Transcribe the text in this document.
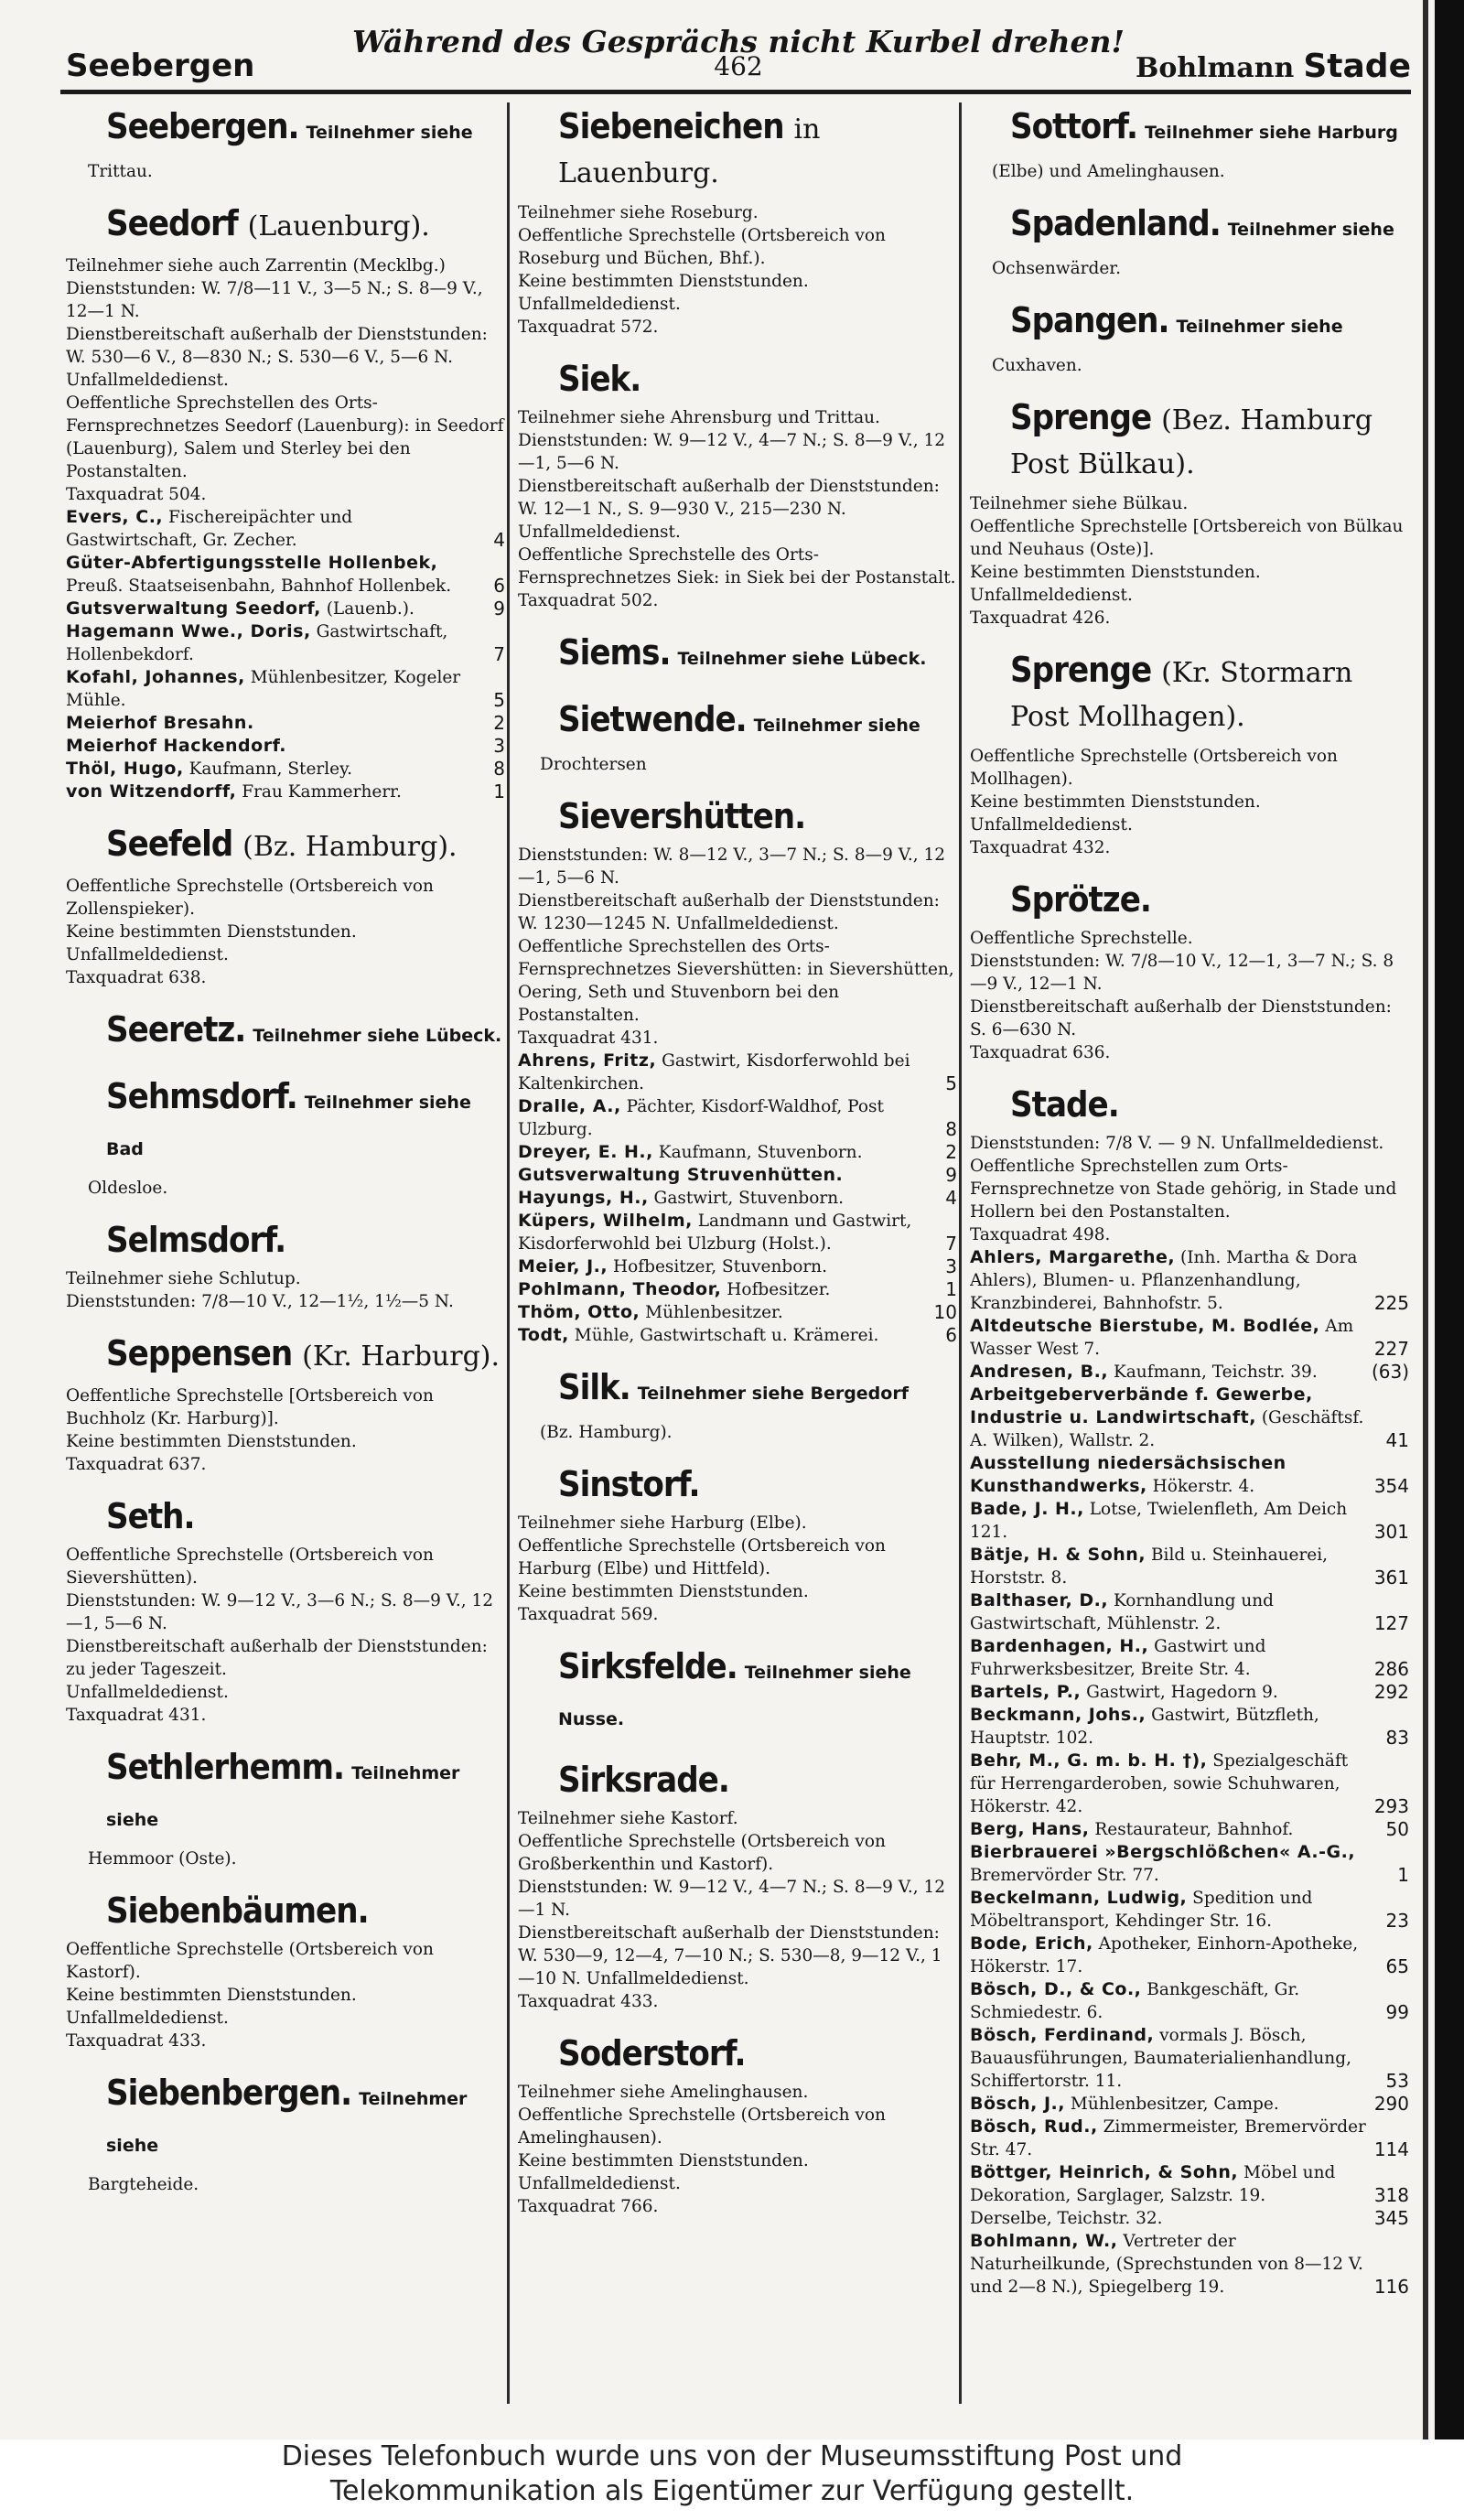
Während des Gesprächs nicht Kurbel drehen!
462
Seebergen	Bohlmann Stade
Seebergen. Teilnehmer siehe
Trittau.
Seedorf (Lauenburg).
Teilnehmer siehe auch Zarrentin (Mecklbg.)
Dienststunden: W. 7/8—11 V., 3—5 N.; S. 8—9 V.,
12—1 N.
Dienstbereitschaft außerhalb der Dienststunden: W. 530—6 V., 8—830 N.; S. 530—6 V., 5—6 N. Unfallmeldedienst.
Oeffentliche Sprechstellen des Orts-Fernsprechnetzes Seedorf (Lauenburg): in Seedorf (Lauenburg), Salem und Sterley bei den Postanstalten.
Taxquadrat 504.
Evers, C., Fischereipächter und Gastwirtschaft, Gr. Zecher.	4
Güter-Abfertigungsstelle Hollenbek, Preuß. Staatseisenbahn, Bahnhof Hollenbek.	6
Gutsverwaltung Seedorf, (Lauenb.).	9
Hagemann Wwe., Doris, Gastwirtschaft, Hollenbekdorf.	7
Kofahl, Johannes, Mühlenbesitzer, Kogeler Mühle.	5
Meierhof Bresahn.	2
Meierhof Hackendorf.	3
Thöl, Hugo, Kaufmann, Sterley.	8
von Witzendorff, Frau Kammerherr.	1
Seefeld (Bz. Hamburg).
Oeffentliche Sprechstelle (Ortsbereich von Zollenspieker).
Keine bestimmten Dienststunden. Unfallmeldedienst.
Taxquadrat 638.
Seeretz. Teilnehmer siehe Lübeck.
Sehmsdorf. Teilnehmer siehe Bad
Oldesloe.
Selmsdorf.
Teilnehmer siehe Schlutup.
Dienststunden: 7/8—10 V., 12—1½, 1½—5 N.
Seppensen (Kr. Harburg).
Oeffentliche Sprechstelle [Ortsbereich von Buchholz (Kr. Harburg)].
Keine bestimmten Dienststunden.
Taxquadrat 637.
Seth.
Oeffentliche Sprechstelle (Ortsbereich von Sievershütten).
Dienststunden: W. 9—12 V., 3—6 N.; S. 8—9 V., 12—1, 5—6 N.
Dienstbereitschaft außerhalb der Dienststunden: zu jeder Tageszeit.
Unfallmeldedienst.
Taxquadrat 431.
Sethlerhemm. Teilnehmer siehe
Hemmoor (Oste).
Siebenbäumen.
Oeffentliche Sprechstelle (Ortsbereich von Kastorf).
Keine bestimmten Dienststunden. Unfallmeldedienst.
Taxquadrat 433.
Siebenbergen. Teilnehmer siehe
Bargteheide.
Siebeneichen in Lauenburg.
Teilnehmer siehe Roseburg.
Oeffentliche Sprechstelle (Ortsbereich von Roseburg und Büchen, Bhf.).
Keine bestimmten Dienststunden. Unfallmeldedienst.
Taxquadrat 572.
Siek.
Teilnehmer siehe Ahrensburg und Trittau.
Dienststunden: W. 9—12 V., 4—7 N.; S. 8—9 V., 12—1, 5—6 N.
Dienstbereitschaft außerhalb der Dienststunden: W. 12—1 N., S. 9—930 V., 215—230 N. Unfallmeldedienst.
Oeffentliche Sprechstelle des Orts-Fernsprechnetzes Siek: in Siek bei der Postanstalt.
Taxquadrat 502.
Siems. Teilnehmer siehe Lübeck.
Sietwende. Teilnehmer siehe
Drochtersen
Sievershütten.
Dienststunden: W. 8—12 V., 3—7 N.; S. 8—9 V., 12—1, 5—6 N.
Dienstbereitschaft außerhalb der Dienststunden: W. 1230—1245 N. Unfallmeldedienst.
Oeffentliche Sprechstellen des Orts-Fernsprechnetzes Sievershütten: in Sievershütten, Oering, Seth und Stuvenborn bei den Postanstalten.
Taxquadrat 431.
Ahrens, Fritz, Gastwirt, Kisdorferwohld bei Kaltenkirchen.	5
Dralle, A., Pächter, Kisdorf-Waldhof, Post Ulzburg.	8
Dreyer, E. H., Kaufmann, Stuvenborn.	2
Gutsverwaltung Struvenhütten.	9
Hayungs, H., Gastwirt, Stuvenborn.	4
Küpers, Wilhelm, Landmann und Gastwirt, Kisdorferwohld bei Ulzburg (Holst.).	7
Meier, J., Hofbesitzer, Stuvenborn.	3
Pohlmann, Theodor, Hofbesitzer.	1
Thöm, Otto, Mühlenbesitzer.	10
Todt, Mühle, Gastwirtschaft u. Krämerei.	6
Silk. Teilnehmer siehe Bergedorf
(Bz. Hamburg).
Sinstorf.
Teilnehmer siehe Harburg (Elbe).
Oeffentliche Sprechstelle (Ortsbereich von Harburg (Elbe) und Hittfeld).
Keine bestimmten Dienststunden.
Taxquadrat 569.
Sirksfelde. Teilnehmer siehe Nusse.
Sirksrade.
Teilnehmer siehe Kastorf.
Oeffentliche Sprechstelle (Ortsbereich von Großberkenthin und Kastorf).
Dienststunden: W. 9—12 V., 4—7 N.; S. 8—9 V., 12—1 N.
Dienstbereitschaft außerhalb der Dienststunden: W. 530—9, 12—4, 7—10 N.; S. 530—8, 9—12 V., 1—10 N. Unfallmeldedienst.
Taxquadrat 433.
Soderstorf.
Teilnehmer siehe Amelinghausen.
Oeffentliche Sprechstelle (Ortsbereich von Amelinghausen).
Keine bestimmten Dienststunden. Unfallmeldedienst.
Taxquadrat 766.
Sottorf. Teilnehmer siehe Harburg
(Elbe) und Amelinghausen.
Spadenland. Teilnehmer siehe
Ochsenwärder.
Spangen. Teilnehmer siehe
Cuxhaven.
Sprenge (Bez. Hamburg Post Bülkau).
Teilnehmer siehe Bülkau.
Oeffentliche Sprechstelle [Ortsbereich von Bülkau und Neuhaus (Oste)].
Keine bestimmten Dienststunden. Unfallmeldedienst.
Taxquadrat 426.
Sprenge (Kr. Stormarn Post Mollhagen).
Oeffentliche Sprechstelle (Ortsbereich von Mollhagen).
Keine bestimmten Dienststunden. Unfallmeldedienst.
Taxquadrat 432.
Sprötze.
Oeffentliche Sprechstelle.
Dienststunden: W. 7/8—10 V., 12—1, 3—7 N.; S. 8—9 V., 12—1 N.
Dienstbereitschaft außerhalb der Dienststunden: S. 6—630 N.
Taxquadrat 636.
Stade.
Dienststunden: 7/8 V. — 9 N. Unfallmeldedienst.
Oeffentliche Sprechstellen zum Orts-Fernsprechnetze von Stade gehörig, in Stade und Hollern bei den Postanstalten.
Taxquadrat 498.
Ahlers, Margarethe, (Inh. Martha & Dora Ahlers), Blumen- u. Pflanzenhandlung, Kranzbinderei, Bahnhofstr. 5.	225
Altdeutsche Bierstube, M. Bodlée, Am Wasser West 7.	227
Andresen, B., Kaufmann, Teichstr. 39.	(63)
Arbeitgeberverbände f. Gewerbe, Industrie u. Landwirtschaft, (Geschäftsf. A. Wilken), Wallstr. 2.	41
Ausstellung niedersächsischen Kunsthandwerks, Hökerstr. 4.	354
Bade, J. H., Lotse, Twielenfleth, Am Deich 121.	301
Bätje, H. & Sohn, Bild u. Steinhauerei, Horststr. 8.	361
Balthaser, D., Kornhandlung und Gastwirtschaft, Mühlenstr. 2.	127
Bardenhagen, H., Gastwirt und Fuhrwerksbesitzer, Breite Str. 4.	286
Bartels, P., Gastwirt, Hagedorn 9.	292
Beckmann, Johs., Gastwirt, Bützfleth, Hauptstr. 102.	83
Behr, M., G. m. b. H. †), Spezialgeschäft für Herrengarderoben, sowie Schuhwaren, Hökerstr. 42.	293
Berg, Hans, Restaurateur, Bahnhof.	50
Bierbrauerei »Bergschlößchen« A.-G., Bremervörder Str. 77.	1
Beckelmann, Ludwig, Spedition und Möbeltransport, Kehdinger Str. 16.	23
Bode, Erich, Apotheker, Einhorn-Apotheke, Hökerstr. 17.	65
Bösch, D., & Co., Bankgeschäft, Gr. Schmiedestr. 6.	99
Bösch, Ferdinand, vormals J. Bösch, Bauausführungen, Baumaterialienhandlung, Schiffertorstr. 11.	53
Bösch, J., Mühlenbesitzer, Campe.	290
Bösch, Rud., Zimmermeister, Bremervörder Str. 47.	114
Böttger, Heinrich, & Sohn, Möbel und Dekoration, Sarglager, Salzstr. 19.	318
Derselbe, Teichstr. 32.	345
Bohlmann, W., Vertreter der Naturheilkunde, (Sprechstunden von 8—12 V. und 2—8 N.), Spiegelberg 19.	116
Dieses Telefonbuch wurde uns von der Museumsstiftung Post und
Telekommunikation als Eigentümer zur Verfügung gestellt.
